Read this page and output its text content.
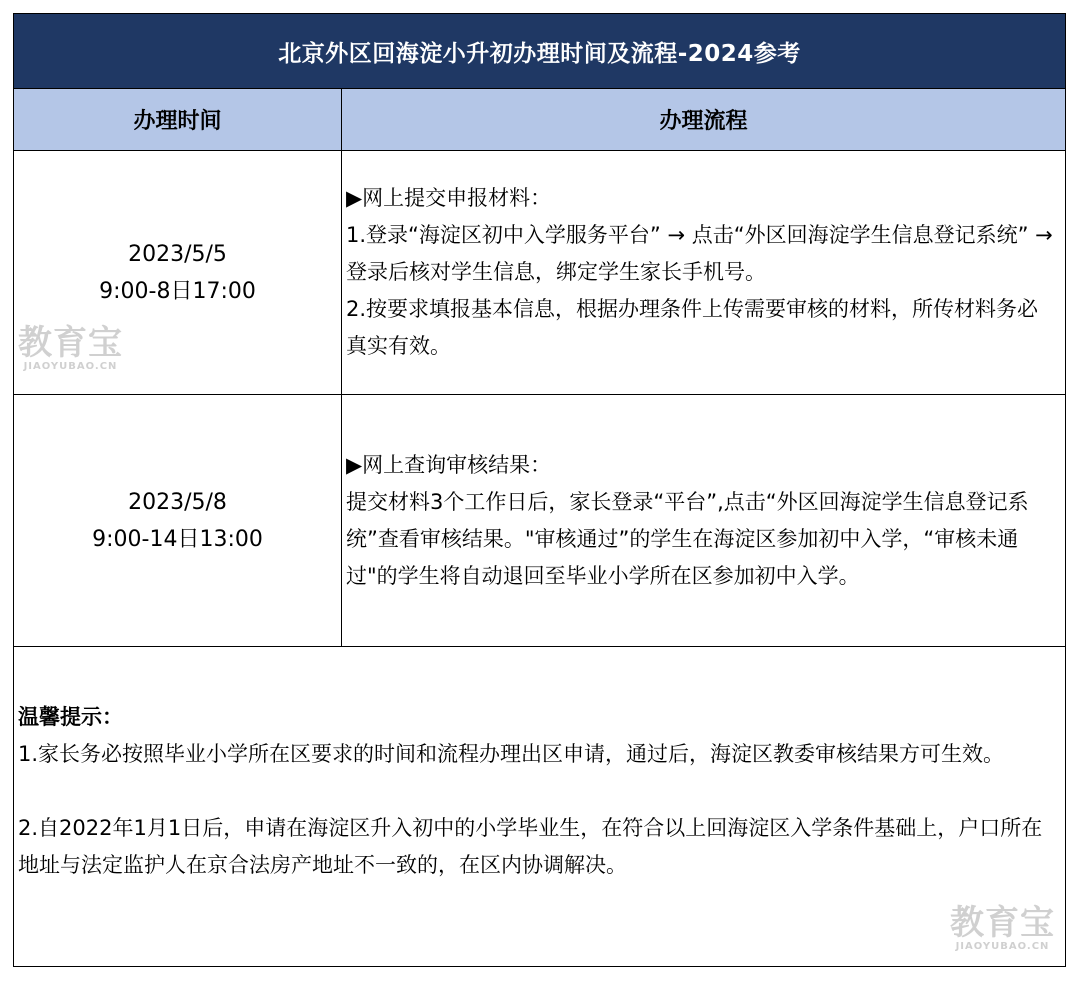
北京外区回海淀小升初办理时间及流程-2024参考
办理时间	办理流程
2023/5/5
9:00-8日17:00

▶网上提交申报材料：

1.登录“海淀区初中入学服务平台” → 点击“外区回海淀学生信息登记系统” → 登录后核对学生信息，绑定学生家长手机号。

2.按要求填报基本信息，根据办理条件上传需要审核的材料，所传材料务必真实有效。

2023/5/8
9:00-14日13:00

▶网上查询审核结果：

提交材料3个工作日后，家长登录“平台”,点击“外区回海淀学生信息登记系统”查看审核结果。"审核通过”的学生在海淀区参加初中入学，“审核未通过"的学生将自动退回至毕业小学所在区参加初中入学。

温馨提示：

1.家长务必按照毕业小学所在区要求的时间和流程办理出区申请，通过后，海淀区教委审核结果方可生效。

2.自2022年1月1日后，申请在海淀区升入初中的小学毕业生，在符合以上回海淀区入学条件基础上，户口所在地址与法定监护人在京合法房产地址不一致的，在区内协调解决。

教育宝
JIAOYUBAO.CN
教育宝
JIAOYUBAO.CN
